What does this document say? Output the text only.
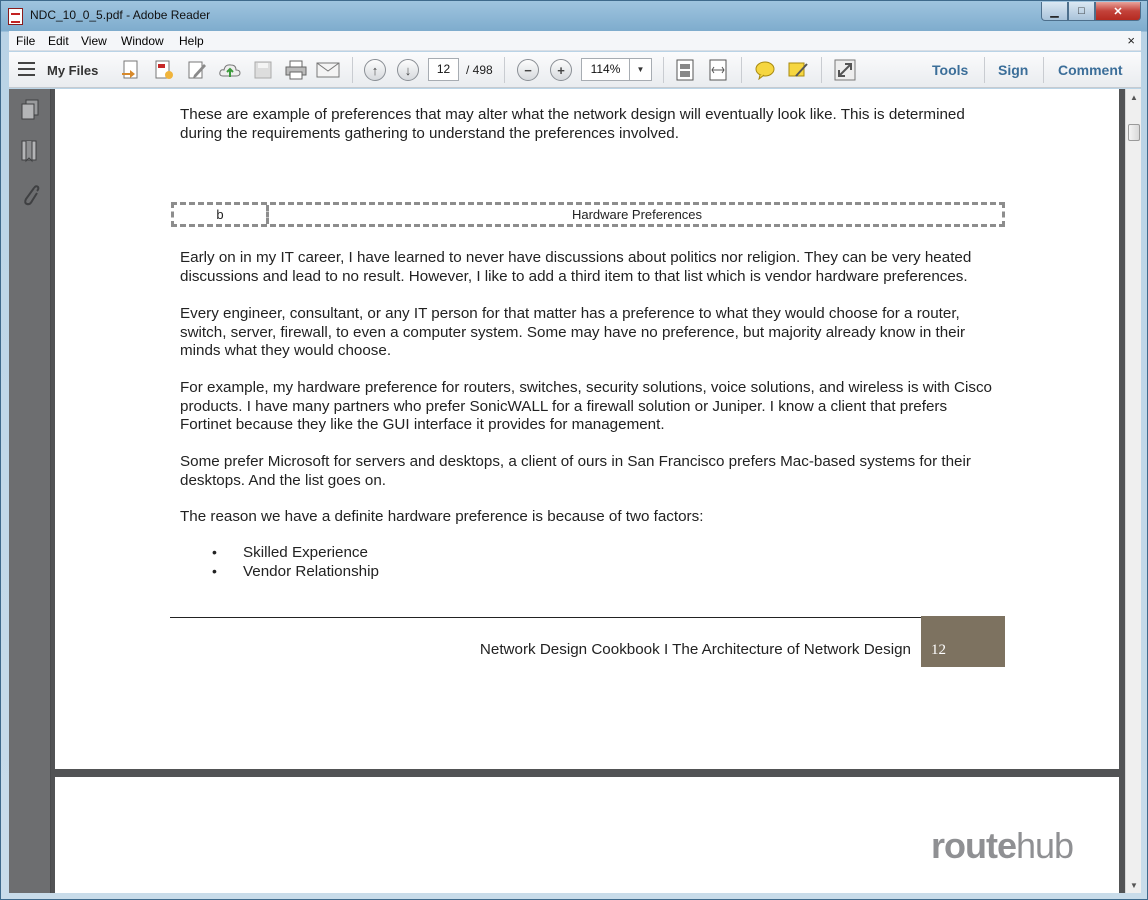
NDC_10_0_5.pdf - Adobe Reader	▁	□	✕
File Edit View Window Help	×
My Files	↑	↓	12	/ 498	−	+	114%	▼	Tools Sign Comment

These are example of preferences that may alter what the network design will eventually look like. This is determined during the requirements gathering to understand the preferences involved.

b	Hardware Preferences

Early on in my IT career, I have learned to never have discussions about politics nor religion. They can be very heated discussions and lead to no result. However, I like to add a third item to that list which is vendor hardware preferences.

Every engineer, consultant, or any IT person for that matter has a preference to what they would choose for a router, switch, server, firewall, to even a computer system. Some may have no preference, but majority already know in their minds what they would choose.

For example, my hardware preference for routers, switches, security solutions, voice solutions, and wireless is with Cisco products. I have many partners who prefer SonicWALL for a firewall solution or Juniper. I know a client that prefers Fortinet because they like the GUI interface it provides for management.

Some prefer Microsoft for servers and desktops, a client of ours in San Francisco prefers Mac-based systems for their desktops. And the list goes on.

The reason we have a definite hardware preference is because of two factors:

• Skilled Experience
• Vendor Relationship
Network Design Cookbook I The Architecture of Network Design 12
routehub
▲
▼
